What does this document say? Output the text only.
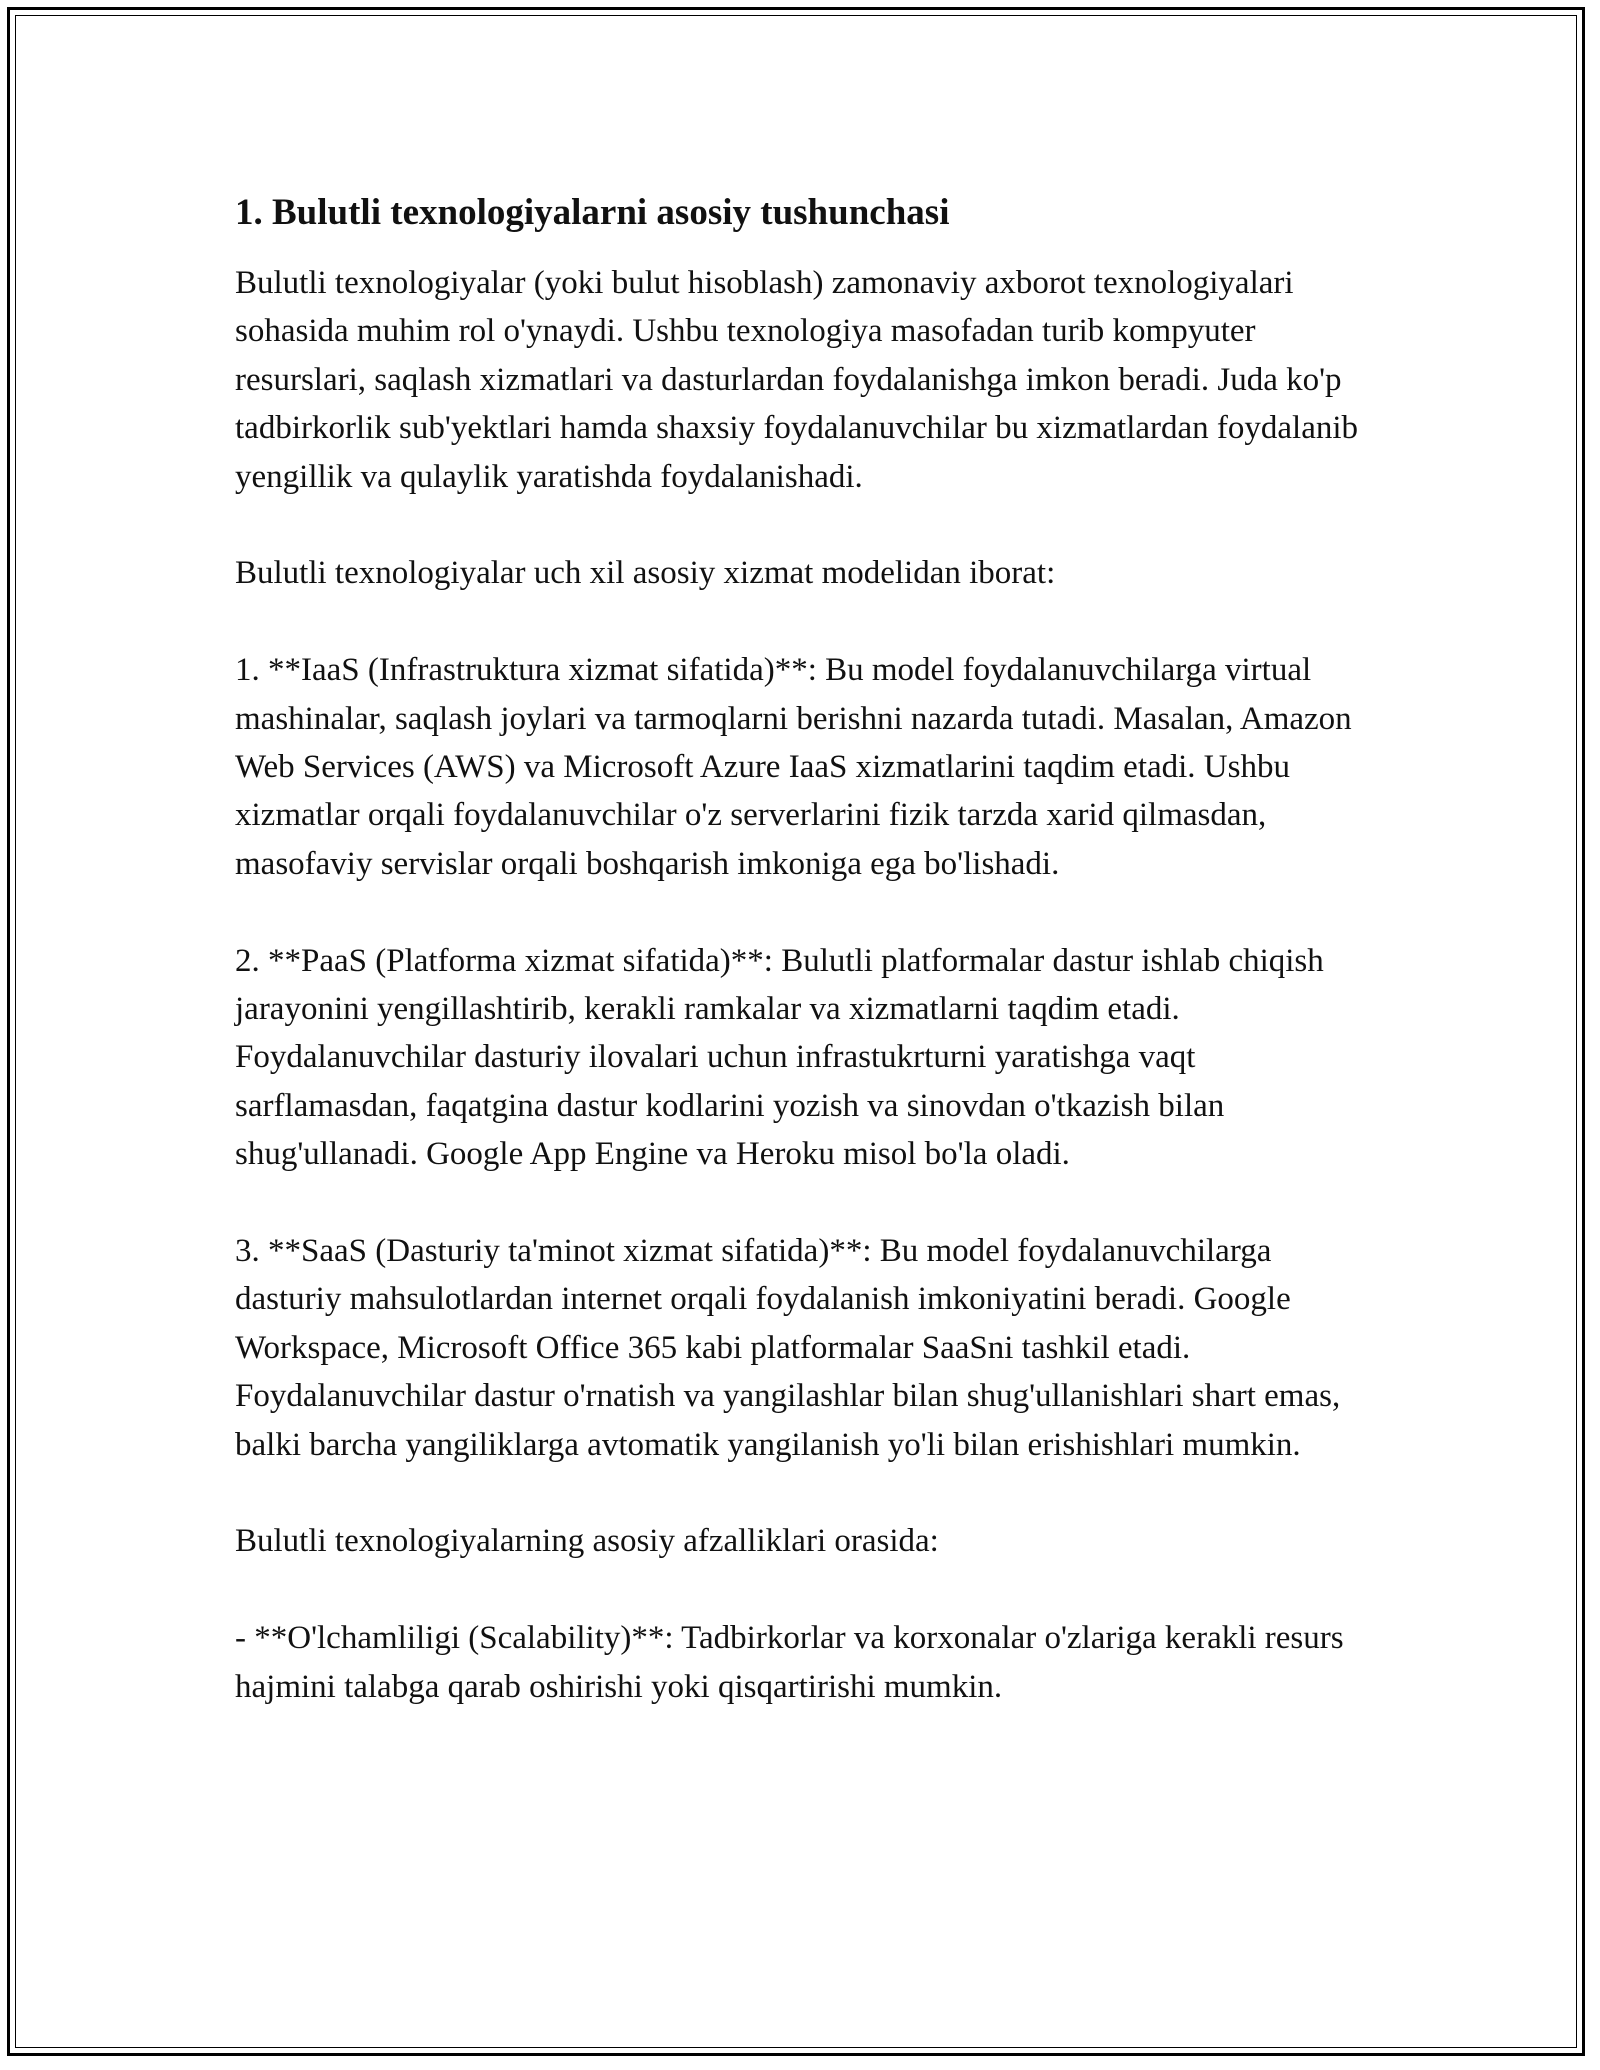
1. Bulutli texnologiyalarni asosiy tushunchasi

Bulutli texnologiyalar (yoki bulut hisoblash) zamonaviy axborot texnologiyalari sohasida muhim rol o'ynaydi. Ushbu texnologiya masofadan turib kompyuter resurslari, saqlash xizmatlari va dasturlardan foydalanishga imkon beradi. Juda ko'p tadbirkorlik sub'yektlari hamda shaxsiy foydalanuvchilar bu xizmatlardan foydalanib yengillik va qulaylik yaratishda foydalanishadi.

Bulutli texnologiyalar uch xil asosiy xizmat modelidan iborat:

1. **IaaS (Infrastruktura xizmat sifatida)**: Bu model foydalanuvchilarga virtual mashinalar, saqlash joylari va tarmoqlarni berishni nazarda tutadi. Masalan, Amazon Web Services (AWS) va Microsoft Azure IaaS xizmatlarini taqdim etadi. Ushbu xizmatlar orqali foydalanuvchilar o'z serverlarini fizik tarzda xarid qilmasdan, masofaviy servislar orqali boshqarish imkoniga ega bo'lishadi.

2. **PaaS (Platforma xizmat sifatida)**: Bulutli platformalar dastur ishlab chiqish jarayonini yengillashtirib, kerakli ramkalar va xizmatlarni taqdim etadi. Foydalanuvchilar dasturiy ilovalari uchun infrastukrturni yaratishga vaqt sarflamasdan, faqatgina dastur kodlarini yozish va sinovdan o'tkazish bilan shug'ullanadi. Google App Engine va Heroku misol bo'la oladi.

3. **SaaS (Dasturiy ta'minot xizmat sifatida)**: Bu model foydalanuvchilarga dasturiy mahsulotlardan internet orqali foydalanish imkoniyatini beradi. Google Workspace, Microsoft Office 365 kabi platformalar SaaSni tashkil etadi. Foydalanuvchilar dastur o'rnatish va yangilashlar bilan shug'ullanishlari shart emas, balki barcha yangiliklarga avtomatik yangilanish yo'li bilan erishishlari mumkin.

Bulutli texnologiyalarning asosiy afzalliklari orasida:

- **O'lchamliligi (Scalability)**: Tadbirkorlar va korxonalar o'zlariga kerakli resurs hajmini talabga qarab oshirishi yoki qisqartirishi mumkin.
